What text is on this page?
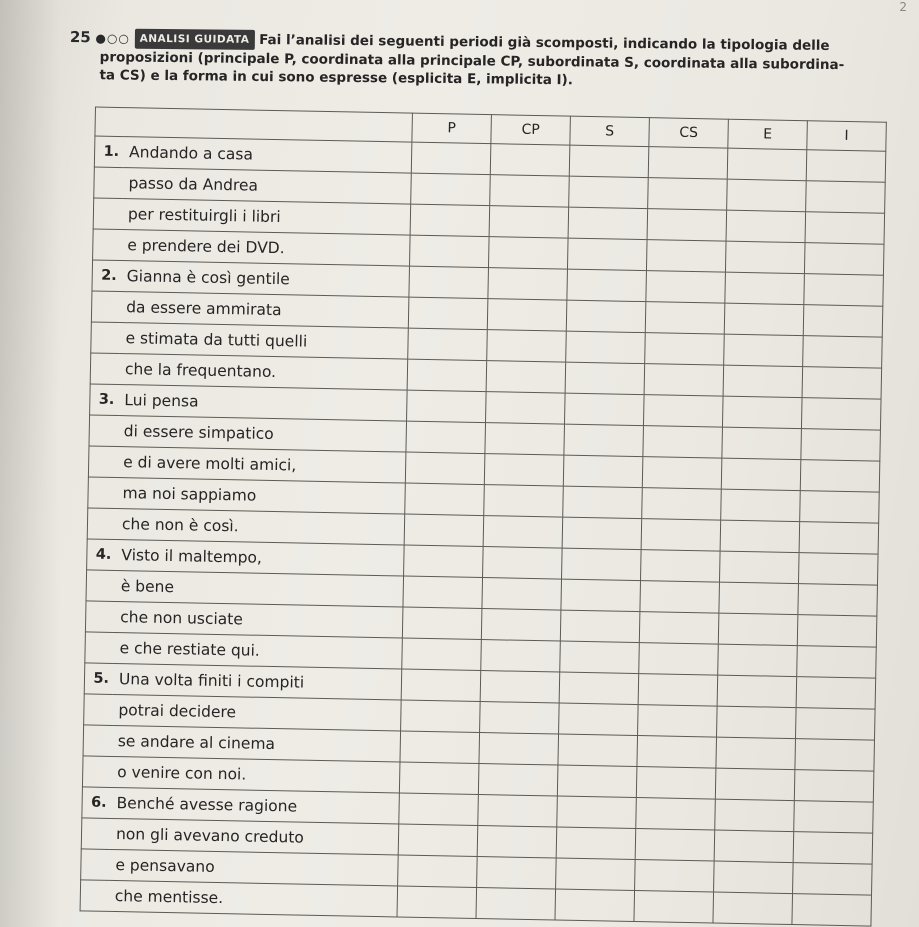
2
25 ●○○ ANALISI GUIDATA Fai l’analisi dei seguenti periodi già scomposti, indicando la tipologia delle
proposizioni (principale P, coordinata alla principale CP, subordinata S, coordinata alla subordina-
ta CS) e la forma in cui sono espresse (esplicita E, implicita I).
		P	CP	S	CS	E	I
1.	Andando a casa						
	passo da Andrea						
	per restituirgli i libri						
	e prendere dei DVD.						
2.	Gianna è così gentile						
	da essere ammirata						
	e stimata da tutti quelli						
	che la frequentano.						
3.	Lui pensa						
	di essere simpatico						
	e di avere molti amici,						
	ma noi sappiamo						
	che non è così.						
4.	Visto il maltempo,						
	è bene						
	che non usciate						
	e che restiate qui.						
5.	Una volta finiti i compiti						
	potrai decidere						
	se andare al cinema						
	o venire con noi.						
6.	Benché avesse ragione						
	non gli avevano creduto						
	e pensavano						
	che mentisse.						
